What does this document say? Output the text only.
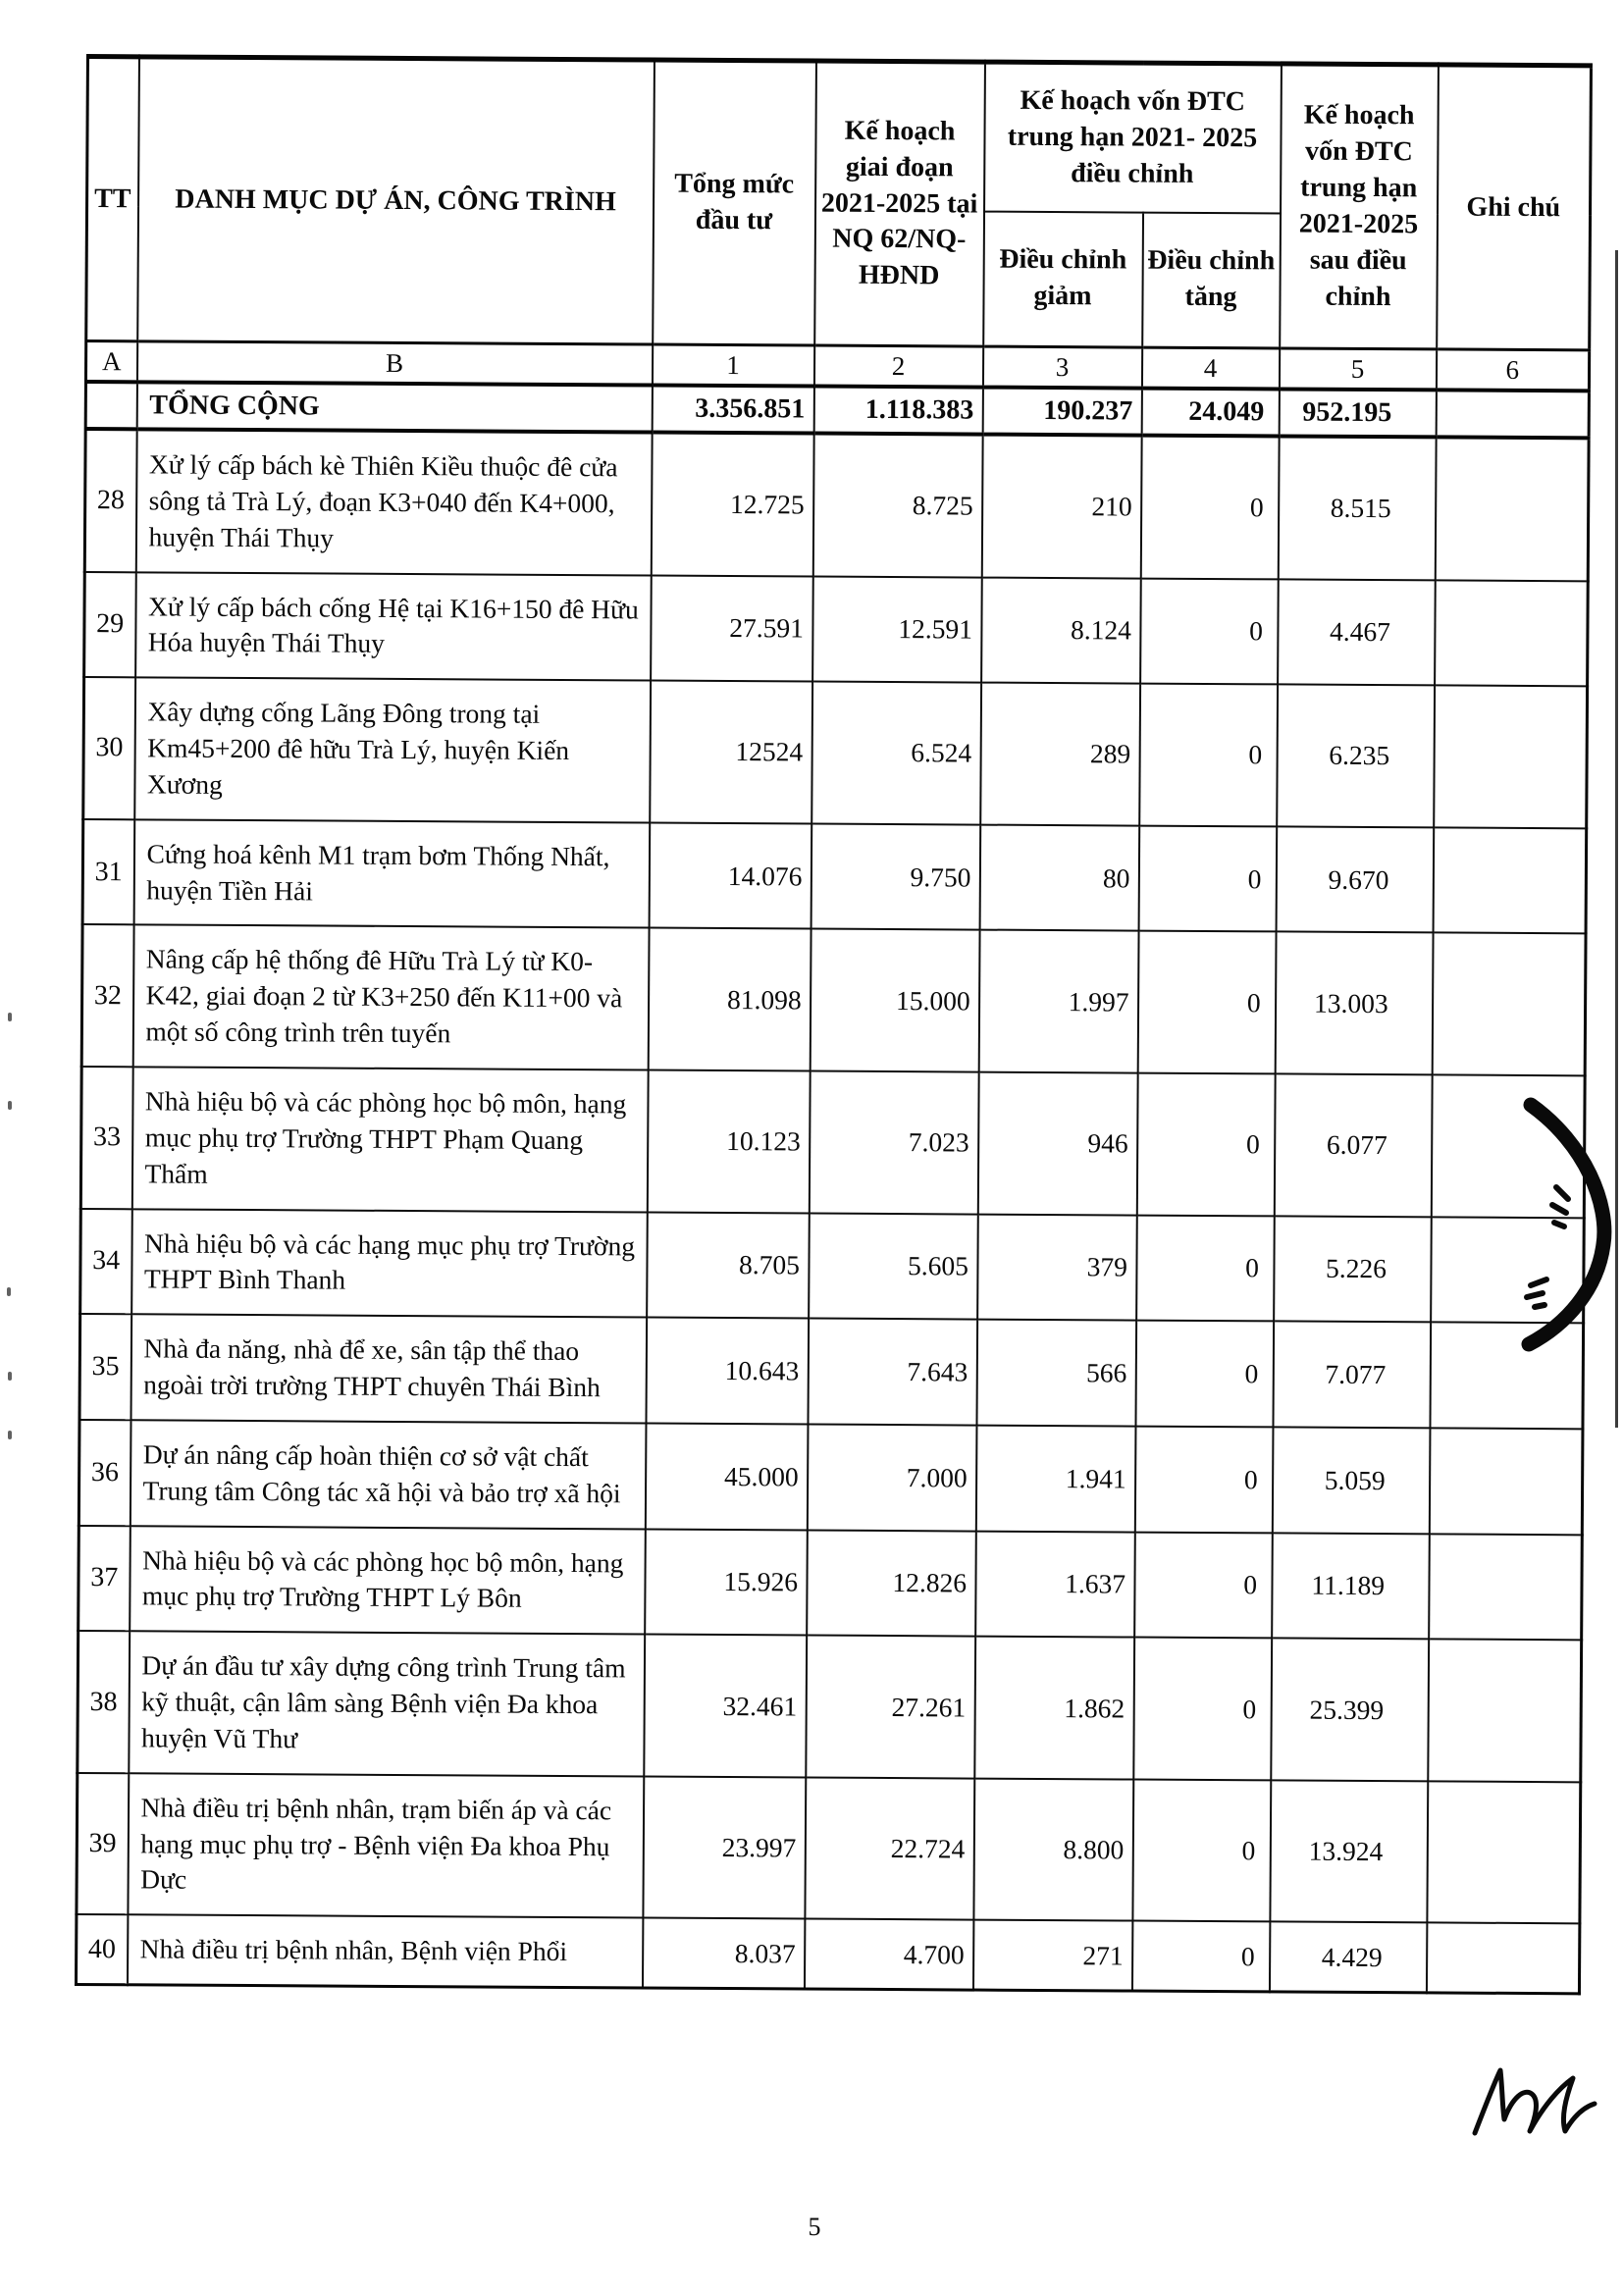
TT	DANH MỤC DỰ ÁN, CÔNG TRÌNH	Tổng mức đầu tư	Kế hoạch giai đoạn 2021-2025 tại NQ 62/NQ-HĐND	Kế hoạch vốn ĐTC trung hạn 2021- 2025 điều chỉnh		Kế hoạch vốn ĐTC trung hạn 2021-2025 sau điều chỉnh	Ghi chú
				Điều chỉnh giảm	Điều chỉnh tăng		
A	B	1	2	3	4	5	6
	TỔNG CỘNG	3.356.851	1.118.383	190.237	24.049	952.195	
28	Xử lý cấp bách kè Thiên Kiều thuộc đê cửa sông tả Trà Lý, đoạn K3+040 đến K4+000, huyện Thái Thụy	12.725	8.725	210	0	8.515	
29	Xử lý cấp bách cống Hệ tại K16+150 đê Hữu Hóa huyện Thái Thụy	27.591	12.591	8.124	0	4.467	
30	Xây dựng cống Lãng Đông trong tại Km45+200 đê hữu Trà Lý, huyện Kiến Xương	12524	6.524	289	0	6.235	
31	Cứng hoá kênh M1 trạm bơm Thống Nhất, huyện Tiền Hải	14.076	9.750	80	0	9.670	
32	Nâng cấp hệ thống đê Hữu Trà Lý từ K0-K42, giai đoạn 2 từ K3+250 đến K11+00 và một số công trình trên tuyến	81.098	15.000	1.997	0	13.003	
33	Nhà hiệu bộ và các phòng học bộ môn, hạng mục phụ trợ Trường THPT Phạm Quang Thẩm	10.123	7.023	946	0	6.077	
34	Nhà hiệu bộ và các hạng mục phụ trợ Trường THPT Bình Thanh	8.705	5.605	379	0	5.226	
35	Nhà đa năng, nhà để xe, sân tập thể thao ngoài trời trường THPT chuyên Thái Bình	10.643	7.643	566	0	7.077	
36	Dự án nâng cấp hoàn thiện cơ sở vật chất Trung tâm Công tác xã hội và bảo trợ xã hội	45.000	7.000	1.941	0	5.059	
37	Nhà hiệu bộ và các phòng học bộ môn, hạng mục phụ trợ Trường THPT Lý Bôn	15.926	12.826	1.637	0	11.189	
38	Dự án đầu tư xây dựng công trình Trung tâm kỹ thuật, cận lâm sàng Bệnh viện Đa khoa huyện Vũ Thư	32.461	27.261	1.862	0	25.399	
39	Nhà điều trị bệnh nhân, trạm biến áp và các hạng mục phụ trợ - Bệnh viện Đa khoa Phụ Dực	23.997	22.724	8.800	0	13.924	
40	Nhà điều trị bệnh nhân, Bệnh viện Phổi	8.037	4.700	271	0	4.429	
5
